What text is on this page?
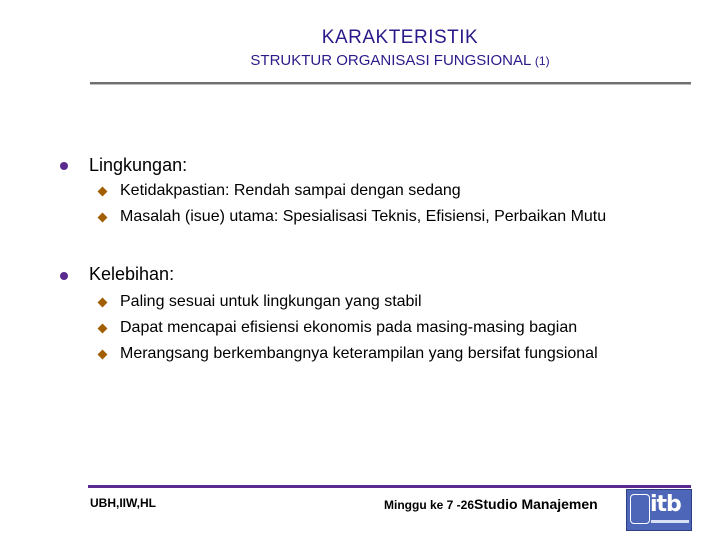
KARAKTERISTIK
STRUKTUR ORGANISASI FUNGSIONAL (1)
Lingkungan:
Ketidakpastian: Rendah sampai dengan sedang
Masalah (isue) utama: Spesialisasi Teknis, Efisiensi, Perbaikan Mutu
Kelebihan:
Paling sesuai untuk lingkungan yang stabil
Dapat mencapai efisiensi ekonomis pada masing-masing bagian
Merangsang berkembangnya keterampilan yang bersifat fungsional
UBH,IIW,HL	Minggu ke 7 -26Studio Manajemen itb
